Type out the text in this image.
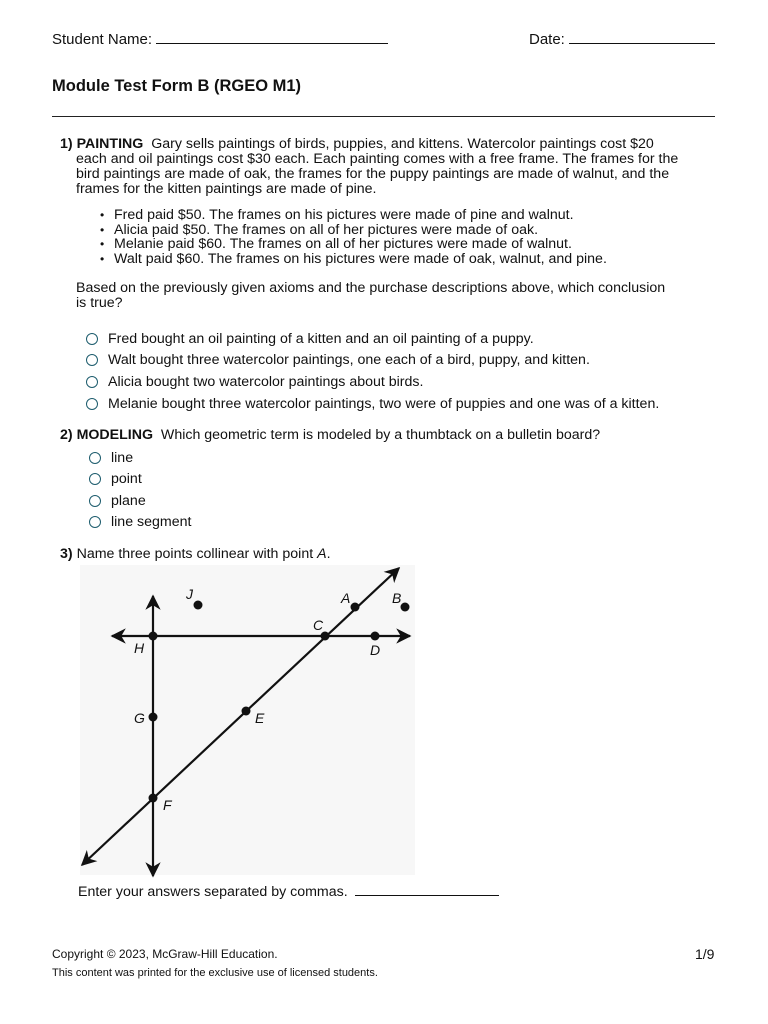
Student Name:	Date:
Module Test Form B (RGEO M1)
1) PAINTING Gary sells paintings of birds, puppies, and kittens. Watercolor paintings cost $20
each and oil paintings cost $30 each. Each painting comes with a free frame. The frames for the
bird paintings are made of oak, the frames for the puppy paintings are made of walnut, and the
frames for the kitten paintings are made of pine.
• Fred paid $50. The frames on his pictures were made of pine and walnut.
• Alicia paid $50. The frames on all of her pictures were made of oak.
• Melanie paid $60. The frames on all of her pictures were made of walnut.
• Walt paid $60. The frames on his pictures were made of oak, walnut, and pine.
Based on the previously given axioms and the purchase descriptions above, which conclusion
is true?
Fred bought an oil painting of a kitten and an oil painting of a puppy.
Walt bought three watercolor paintings, one each of a bird, puppy, and kitten.
Alicia bought two watercolor paintings about birds.
Melanie bought three watercolor paintings, two were of puppies and one was of a kitten.
2) MODELING Which geometric term is modeled by a thumbtack on a bulletin board?
line
point
plane
line segment
3) Name three points collinear with point A.
J	A	B
C
D
H
G	E
F
Enter your answers separated by commas.
Copyright © 2023, McGraw-Hill Education.	1/9
This content was printed for the exclusive use of licensed students.
